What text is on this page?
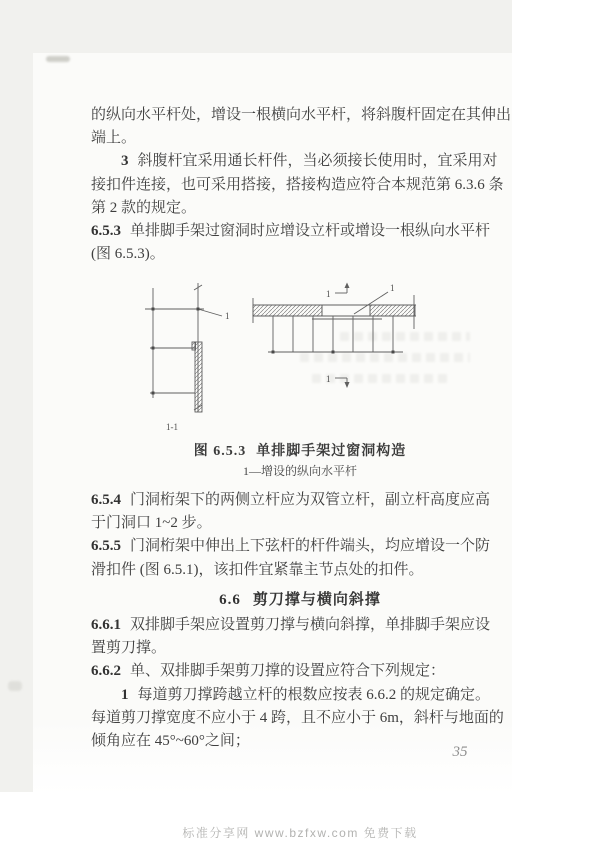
的纵向水平杆处，增设一根横向水平杆，将斜腹杆固定在其伸出
端上。
3 斜腹杆宜采用通长杆件，当必须接长使用时，宜采用对
接扣件连接，也可采用搭接，搭接构造应符合本规范第 6.3.6 条
第 2 款的规定。
6.5.3 单排脚手架过窗洞时应增设立杆或增设一根纵向水平杆
(图 6.5.3)。
1
1-1
1
1
1
图 6.5.3 单排脚手架过窗洞构造
1—增设的纵向水平杆
6.5.4 门洞桁架下的两侧立杆应为双管立杆，副立杆高度应高
于门洞口 1~2 步。
6.5.5 门洞桁架中伸出上下弦杆的杆件端头，均应增设一个防
滑扣件 (图 6.5.1)，该扣件宜紧靠主节点处的扣件。
6.6 剪刀撑与横向斜撑
6.6.1 双排脚手架应设置剪刀撑与横向斜撑，单排脚手架应设
置剪刀撑。
6.6.2 单、双排脚手架剪刀撑的设置应符合下列规定：
1 每道剪刀撑跨越立杆的根数应按表 6.6.2 的规定确定。
每道剪刀撑宽度不应小于 4 跨，且不应小于 6m，斜杆与地面的
倾角应在 45°~60°之间；
35
标准分享网 www.bzfxw.com 免费下载
